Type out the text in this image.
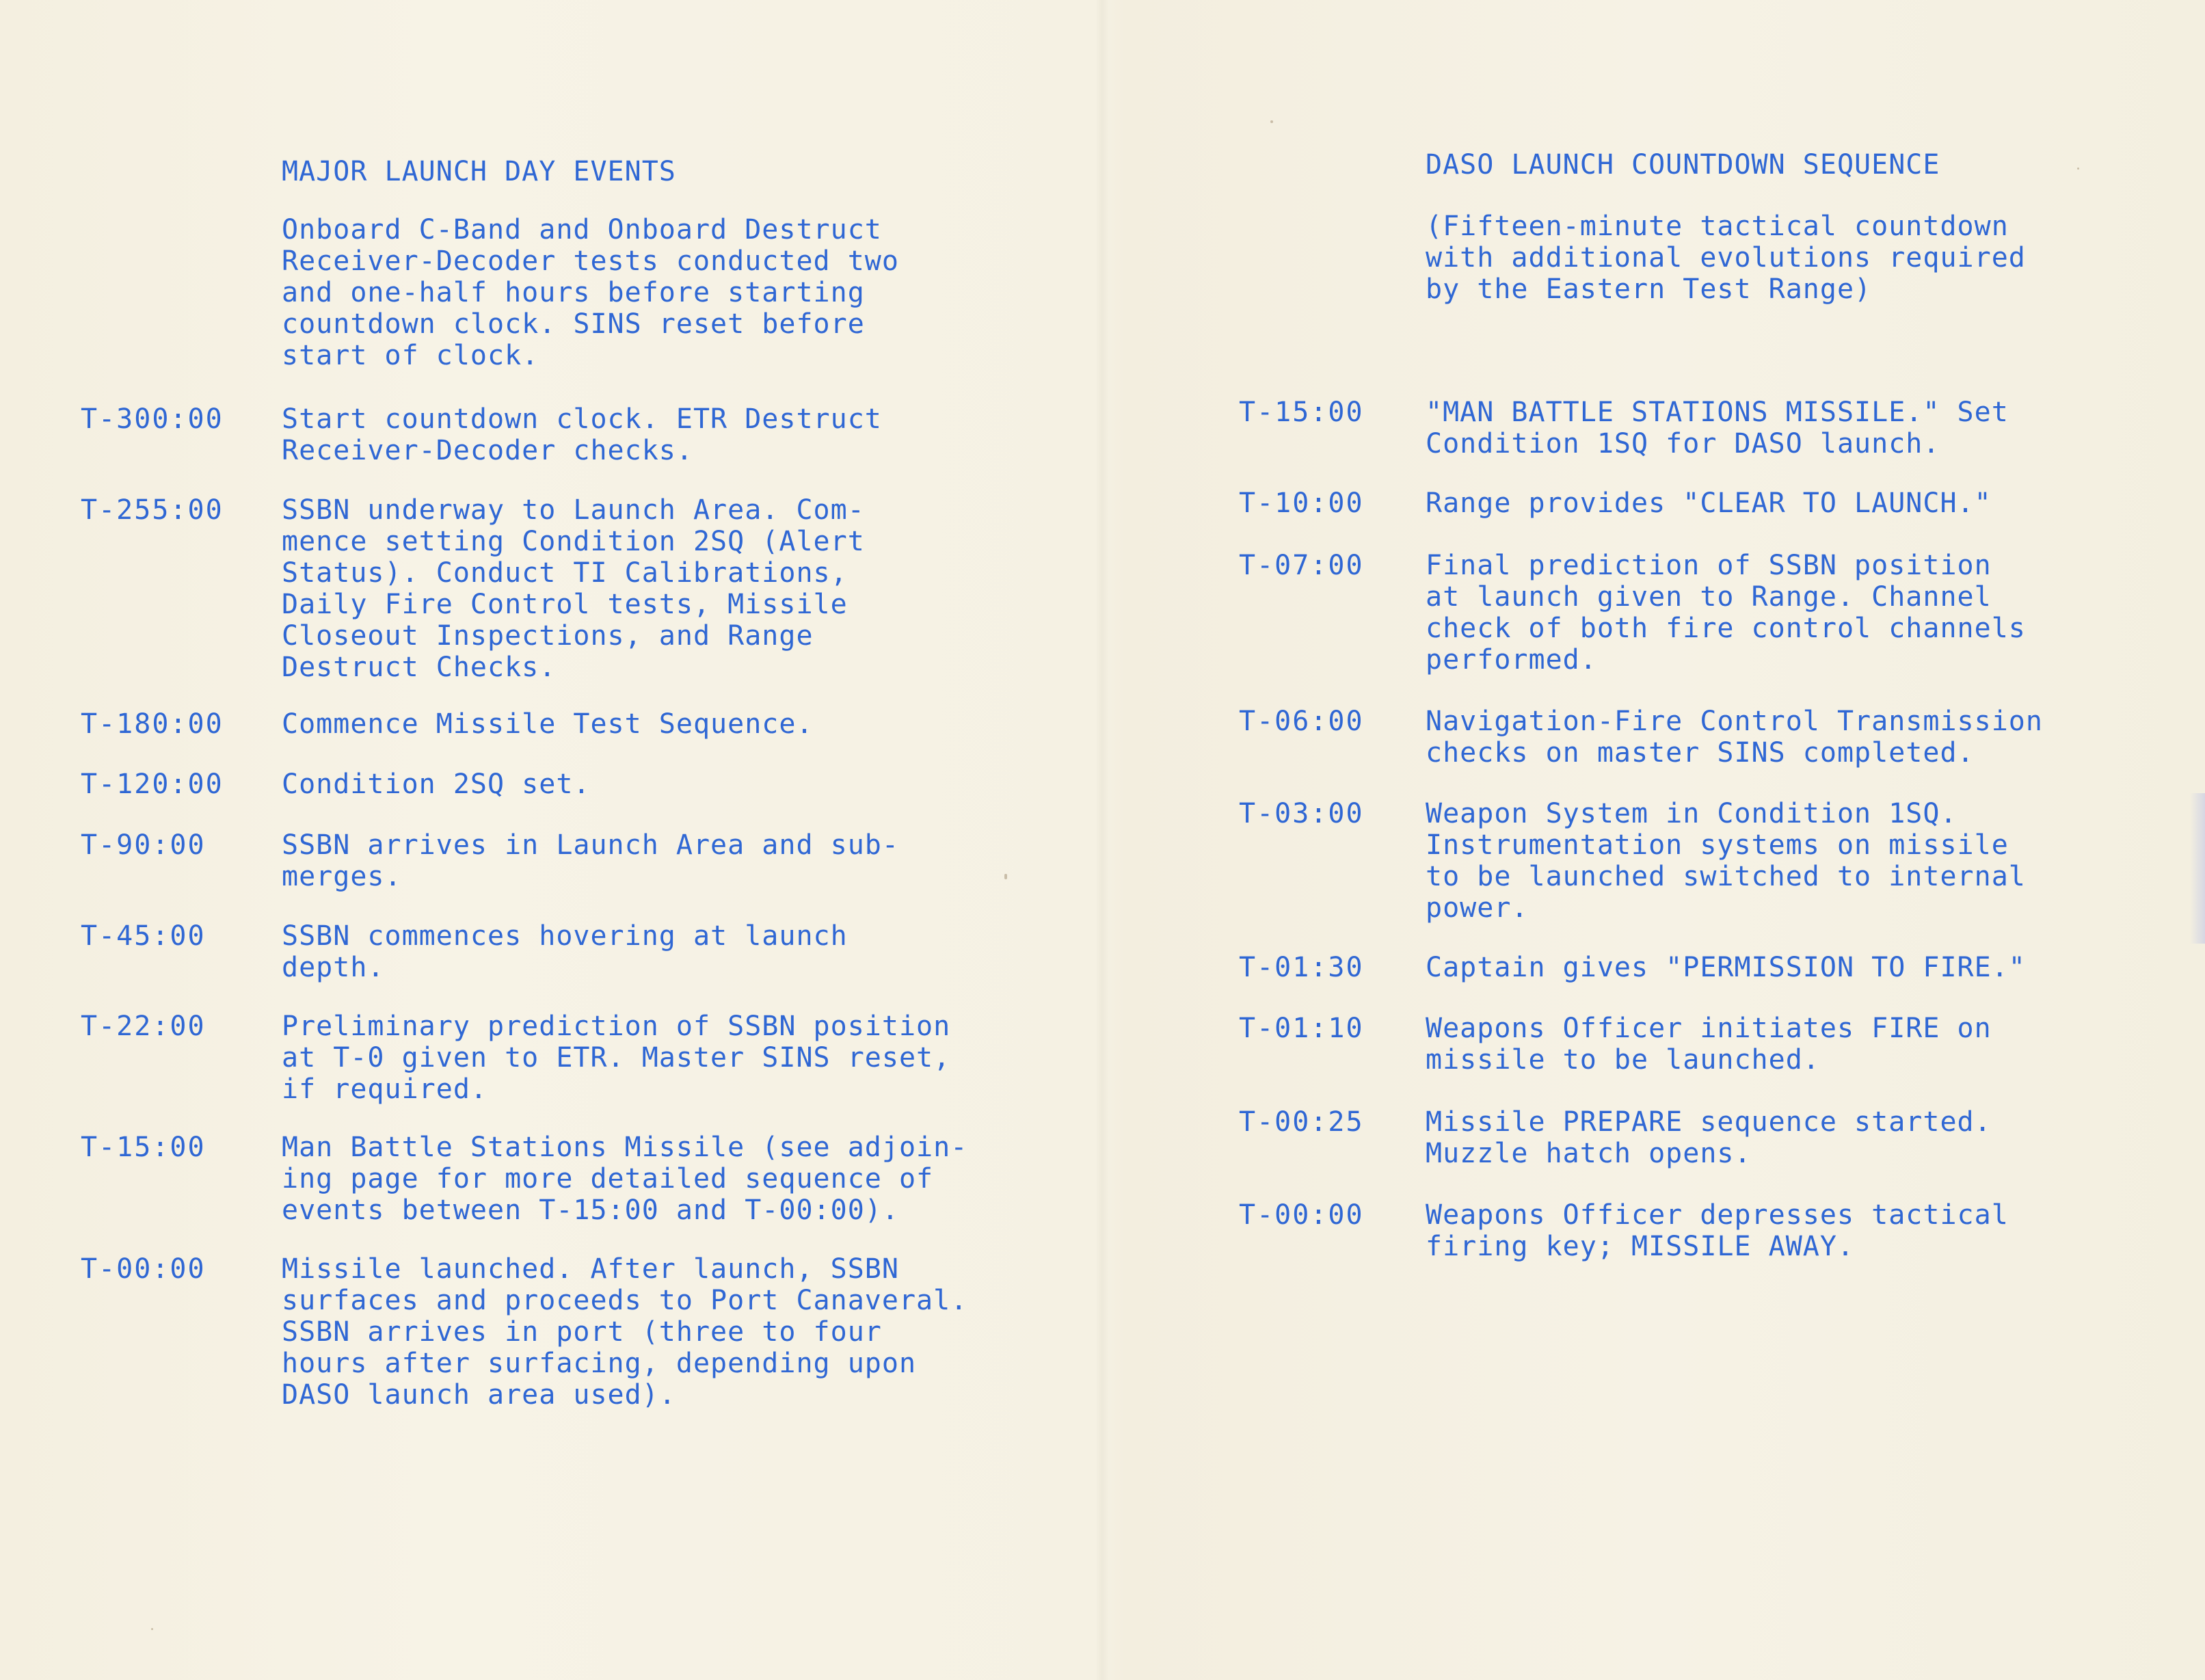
MAJOR LAUNCH DAY EVENTS
Onboard C-Band and Onboard Destruct
Receiver-Decoder tests conducted two
and one-half hours before starting
countdown clock. SINS reset before
start of clock.
T-300:00 Start countdown clock. ETR Destruct
Receiver-Decoder checks.
T-255:00 SSBN underway to Launch Area. Com-
mence setting Condition 2SQ (Alert
Status). Conduct TI Calibrations,
Daily Fire Control tests, Missile
Closeout Inspections, and Range
Destruct Checks.
T-180:00 Commence Missile Test Sequence.
T-120:00 Condition 2SQ set.
T-90:00	SSBN arrives in Launch Area and sub-
merges.
T-45:00	SSBN commences hovering at launch
depth.
T-22:00	Preliminary prediction of SSBN position
at T-0 given to ETR. Master SINS reset,
if required.
T-15:00	Man Battle Stations Missile (see adjoin-
ing page for more detailed sequence of
events between T-15:00 and T-00:00).
T-00:00	Missile launched. After launch, SSBN
surfaces and proceeds to Port Canaveral.
SSBN arrives in port (three to four
hours after surfacing, depending upon
DASO launch area used).
DASO LAUNCH COUNTDOWN SEQUENCE
(Fifteen-minute tactical countdown
with additional evolutions required
by the Eastern Test Range)
T-15:00 "MAN BATTLE STATIONS MISSILE." Set
Condition 1SQ for DASO launch.
T-10:00 Range provides "CLEAR TO LAUNCH."
T-07:00 Final prediction of SSBN position
at launch given to Range. Channel
check of both fire control channels
performed.
T-06:00 Navigation-Fire Control Transmission
checks on master SINS completed.
T-03:00 Weapon System in Condition 1SQ.
Instrumentation systems on missile
to be launched switched to internal
power.
T-01:30 Captain gives "PERMISSION TO FIRE."
T-01:10 Weapons Officer initiates FIRE on
missile to be launched.
T-00:25 Missile PREPARE sequence started.
Muzzle hatch opens.
T-00:00 Weapons Officer depresses tactical
firing key; MISSILE AWAY.
